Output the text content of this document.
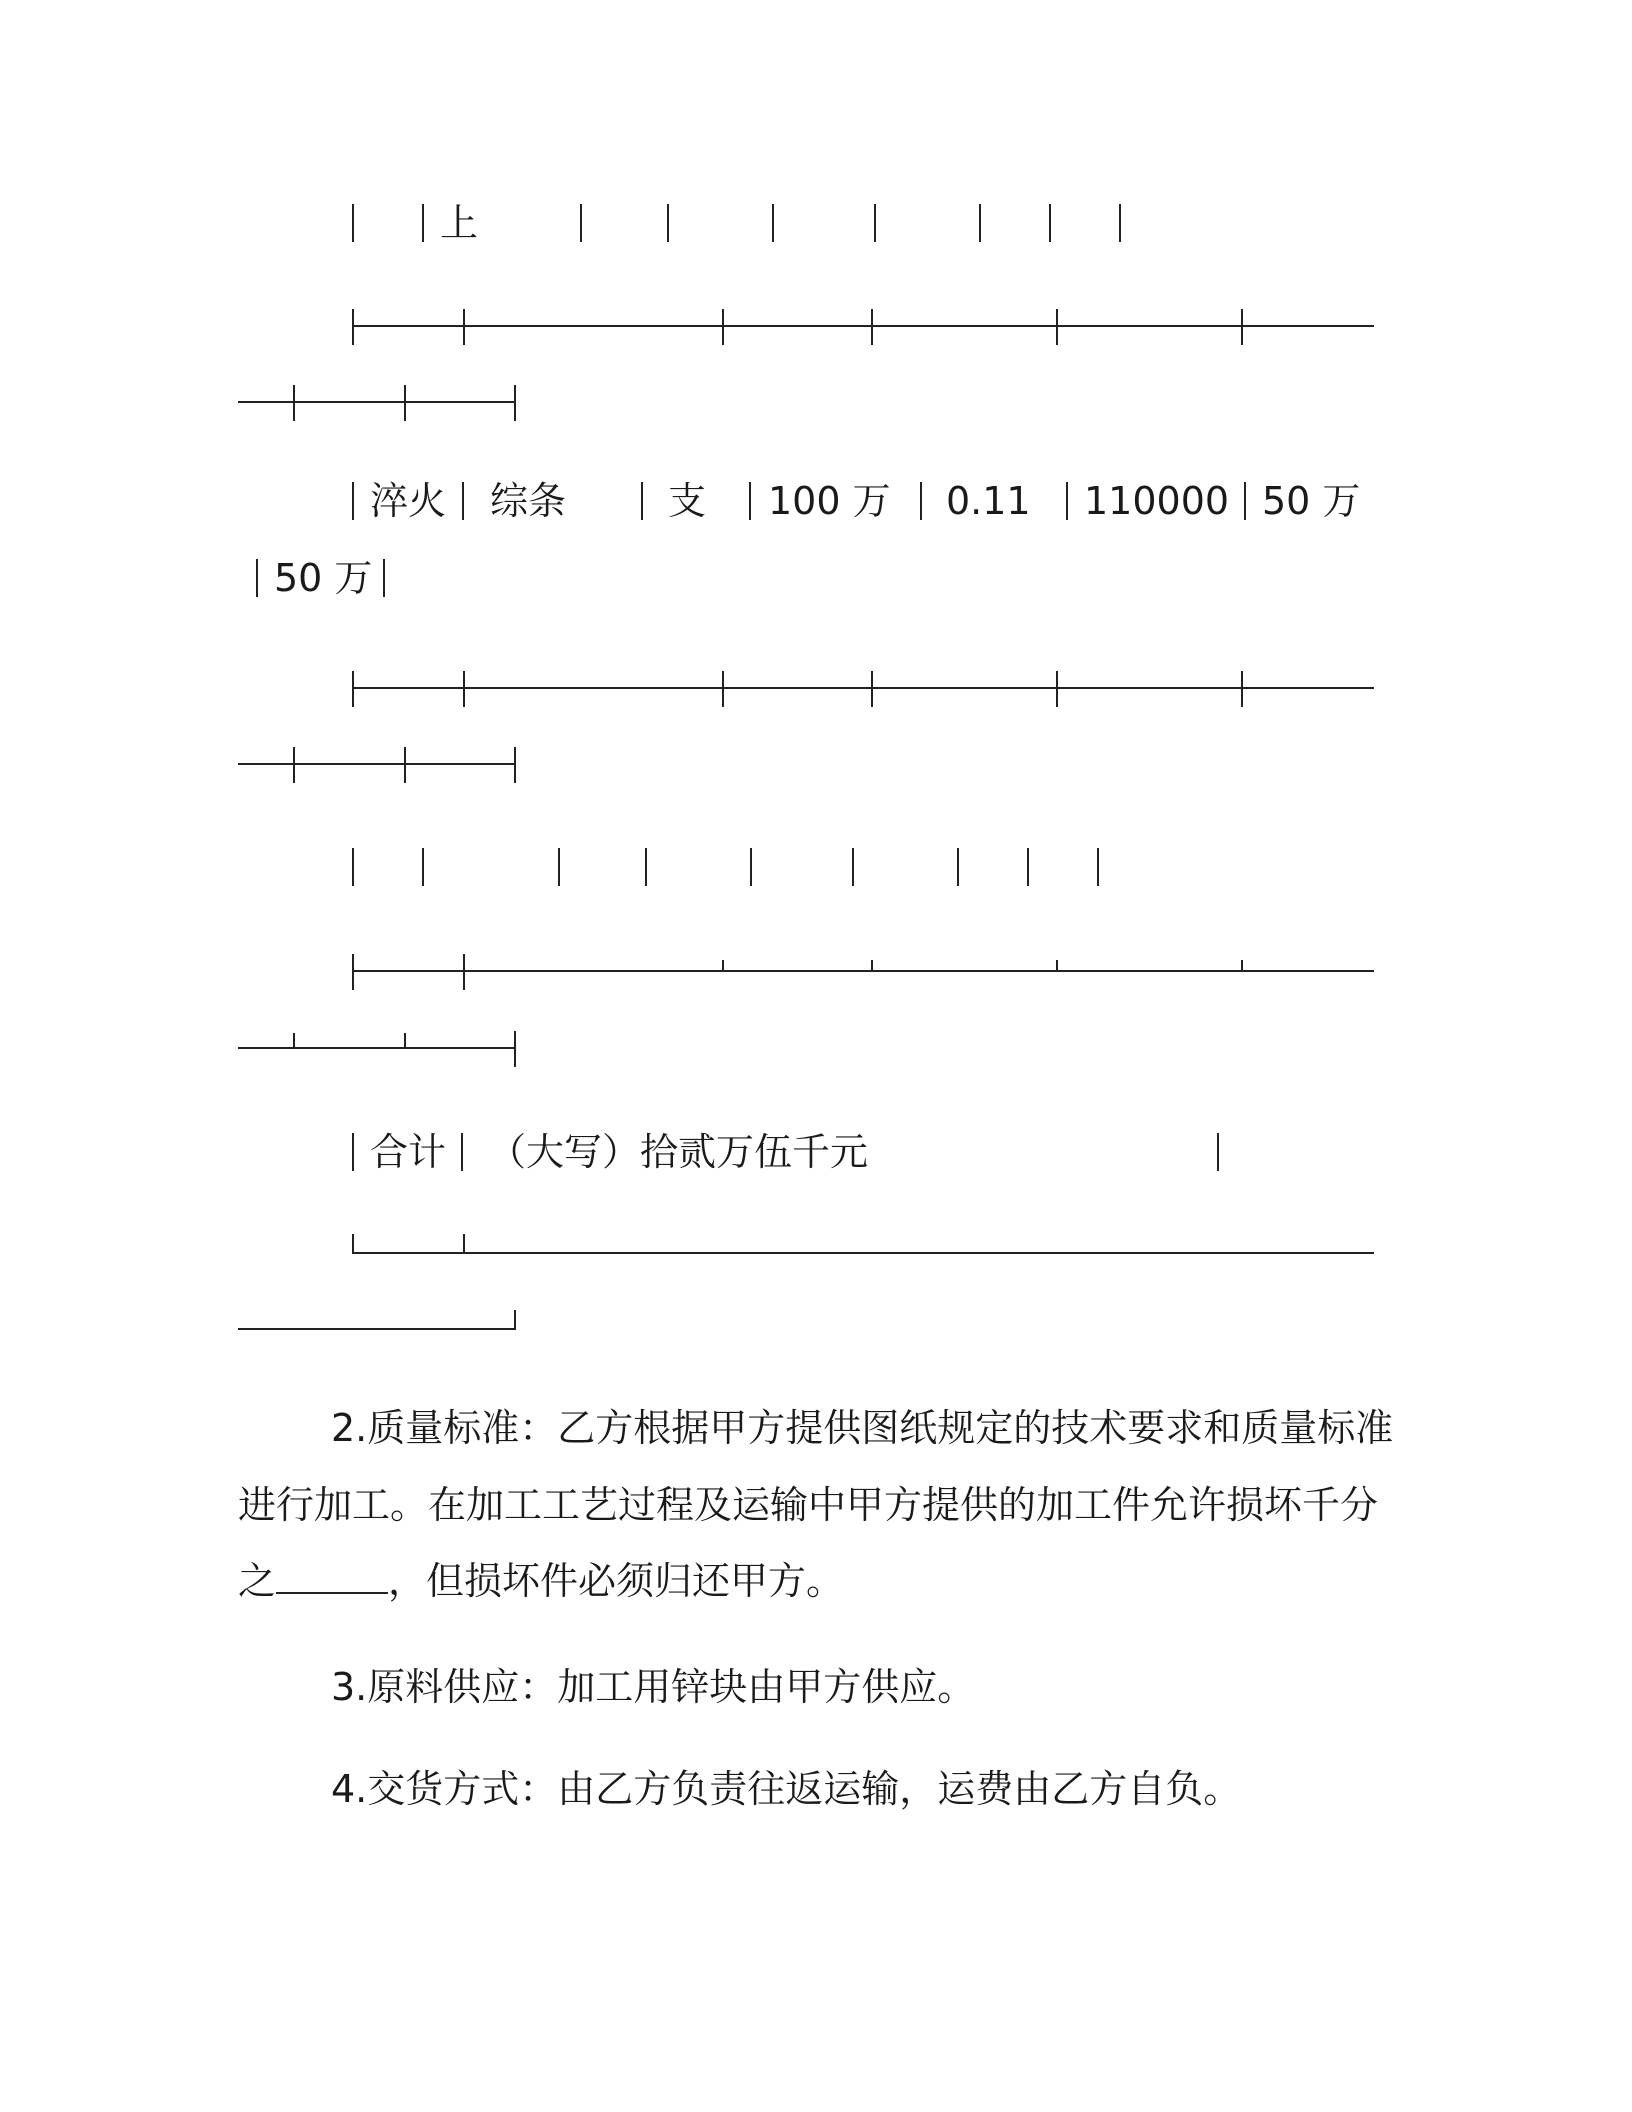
上
淬火 综条	支 100 万 0.11 110000 50 万
50 万
合计 （大写）拾贰万伍千元
2.质量标准：乙方根据甲方提供图纸规定的技术要求和质量标准
进行加工。在加工工艺过程及运输中甲方提供的加工件允许损坏千分
之	，但损坏件必须归还甲方。
3.原料供应：加工用锌块由甲方供应。
4.交货方式：由乙方负责往返运输，运费由乙方自负。
